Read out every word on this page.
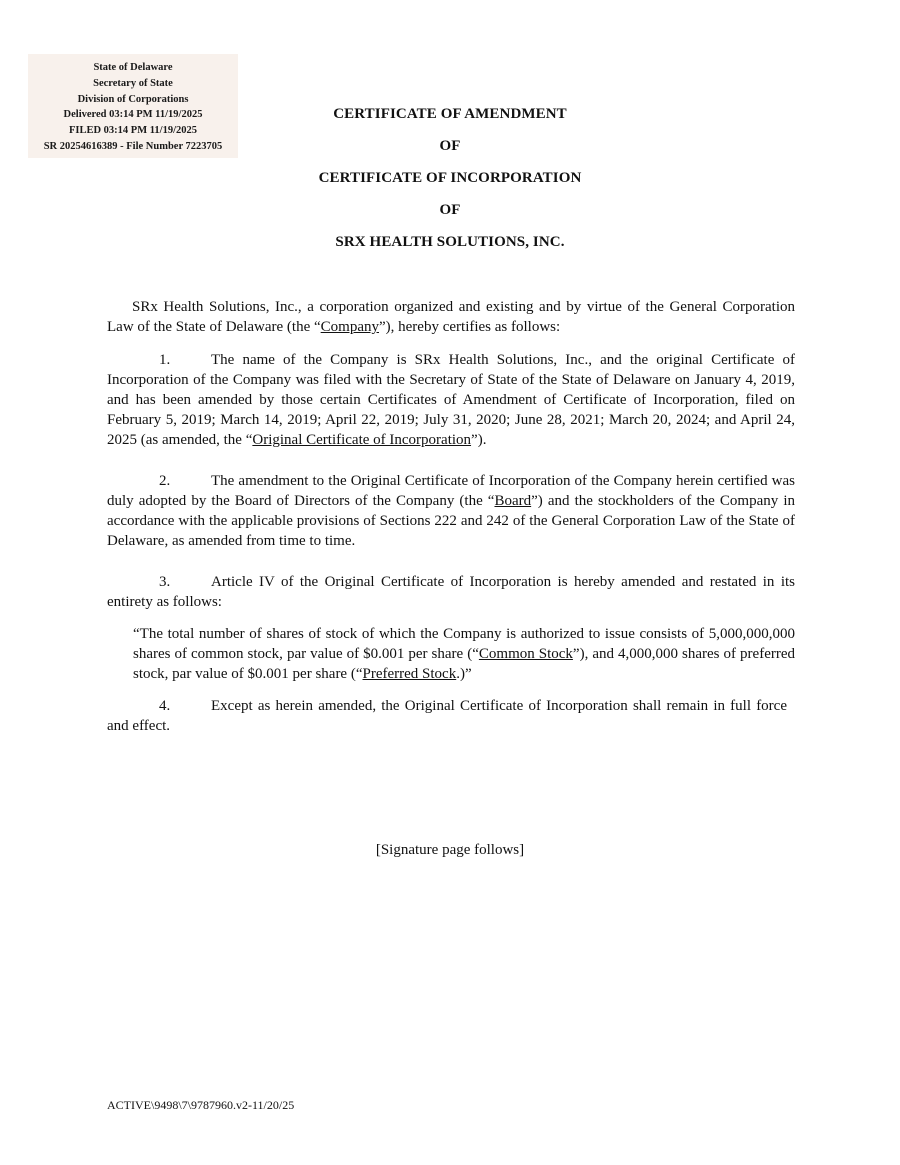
State of Delaware
Secretary of State
Division of Corporations
Delivered 03:14 PM 11/19/2025
FILED 03:14 PM 11/19/2025
SR 20254616389 - File Number 7223705
CERTIFICATE OF AMENDMENT
OF
CERTIFICATE OF INCORPORATION
OF
SRX HEALTH SOLUTIONS, INC.

SRx Health Solutions, Inc., a corporation organized and existing and by virtue of the General Corporation Law of the State of Delaware (the “Company”), hereby certifies as follows:

1.	The name of the Company is SRx Health Solutions, Inc., and the original Certificate of Incorporation of the Company was filed with the Secretary of State of the State of Delaware on January 4, 2019, and has been amended by those certain Certificates of Amendment of Certificate of Incorporation, filed on February 5, 2019; March 14, 2019; April 22, 2019; July 31, 2020; June 28, 2021; March 20, 2024; and April 24, 2025 (as amended, the “Original Certificate of Incorporation”).

2.	The amendment to the Original Certificate of Incorporation of the Company herein certified was duly adopted by the Board of Directors of the Company (the “Board”) and the stockholders of the Company in accordance with the applicable provisions of Sections 222 and 242 of the General Corporation Law of the State of Delaware, as amended from time to time.

3.	Article IV of the Original Certificate of Incorporation is hereby amended and restated in its entirety as follows:

“The total number of shares of stock of which the Company is authorized to issue consists of 5,000,000,000 shares of common stock, par value of $0.001 per share (“Common Stock”), and 4,000,000 shares of preferred stock, par value of $0.001 per share (“Preferred Stock.)”

4.	Except as herein amended, the Original Certificate of Incorporation shall remain in full force and effect.

[Signature page follows]
ACTIVE\9498\7\9787960.v2-11/20/25
